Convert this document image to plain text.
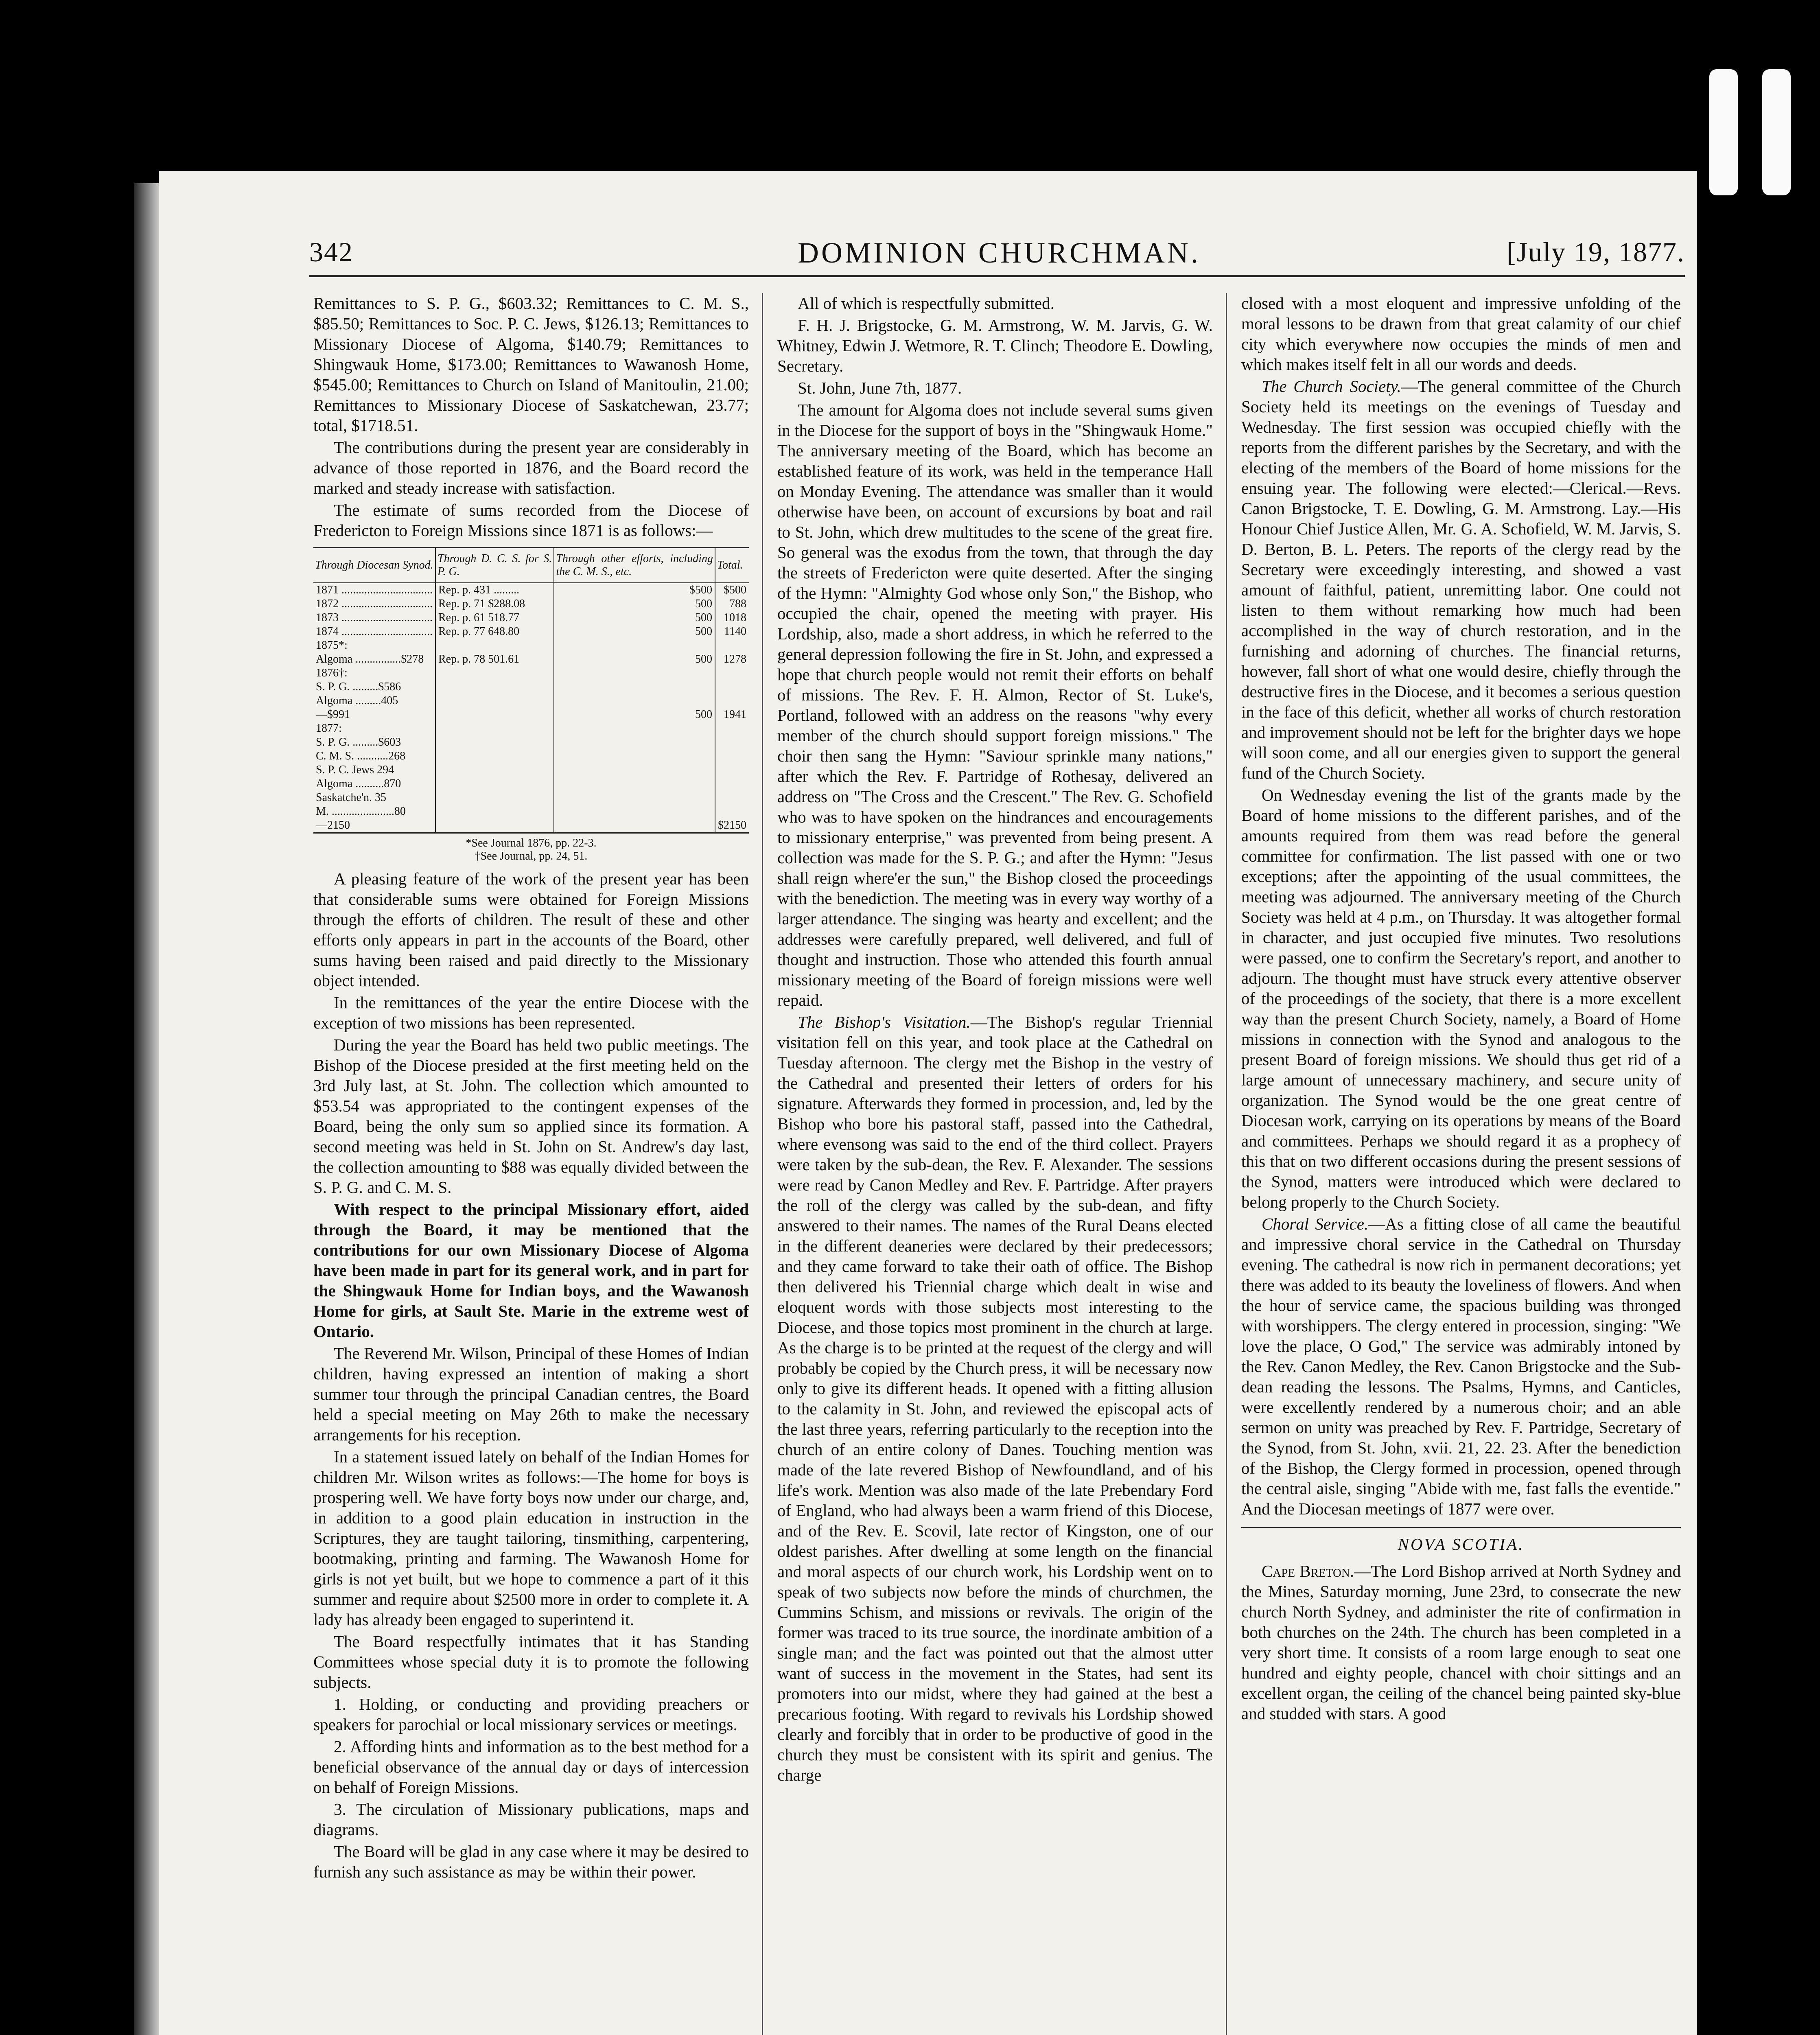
342	DOMINION CHURCHMAN.	[July 19, 1877.

Remittances to S. P. G., $603.32; Remittances to C. M. S., $85.50; Remittances to Soc. P. C. Jews, $126.13; Remittances to Missionary Diocese of Algoma, $140.79; Remittances to Shingwauk Home, $173.00; Remittances to Wawanosh Home, $545.00; Remittances to Church on Island of Manitoulin, 21.00; Remittances to Missionary Diocese of Saskatchewan, 23.77; total, $1718.51.

The contributions during the present year are considerably in advance of those reported in 1876, and the Board record the marked and steady increase with satisfaction.

The estimate of sums recorded from the Diocese of Fredericton to Foreign Missions since 1871 is as follows:—

Through Diocesan Synod.	Through D. C. S. for S. P. G.	Through other efforts, including the C. M. S., etc.	Total.
1871 ................................	Rep. p. 431 .........	$500	$500
1872 ................................	Rep. p. 71 $288.08	500	788
1873 ................................	Rep. p. 61 518.77	500	1018
1874 ................................	Rep. p. 77 648.80	500	1140
1875*:			
Algoma ................$278	Rep. p. 78 501.61	500	1278
1876†:			
S. P. G. .........$586			
Algoma .........405			
—$991		500	1941
1877:			
S. P. G. .........$603			
C. M. S. ...........268			
S. P. C. Jews 294			
Algoma ..........870			
Saskatche'n. 35			
M. ......................80			
—2150			$2150
*See Journal 1876, pp. 22-3.
†See Journal, pp. 24, 51.

A pleasing feature of the work of the present year has been that considerable sums were obtained for Foreign Missions through the efforts of children. The result of these and other efforts only appears in part in the accounts of the Board, other sums having been raised and paid directly to the Missionary object intended.

In the remittances of the year the entire Diocese with the exception of two missions has been represented.

During the year the Board has held two public meetings. The Bishop of the Diocese presided at the first meeting held on the 3rd July last, at St. John. The collection which amounted to $53.54 was appropriated to the contingent expenses of the Board, being the only sum so applied since its formation. A second meeting was held in St. John on St. Andrew's day last, the collection amounting to $88 was equally divided between the S. P. G. and C. M. S.

With respect to the principal Missionary effort, aided through the Board, it may be mentioned that the contributions for our own Missionary Diocese of Algoma have been made in part for its general work, and in part for the Shingwauk Home for Indian boys, and the Wawanosh Home for girls, at Sault Ste. Marie in the extreme west of Ontario.

The Reverend Mr. Wilson, Principal of these Homes of Indian children, having expressed an intention of making a short summer tour through the principal Canadian centres, the Board held a special meeting on May 26th to make the necessary arrangements for his reception.

In a statement issued lately on behalf of the Indian Homes for children Mr. Wilson writes as follows:—The home for boys is prospering well. We have forty boys now under our charge, and, in addition to a good plain education in instruction in the Scriptures, they are taught tailoring, tinsmithing, carpentering, bootmaking, printing and farming. The Wawanosh Home for girls is not yet built, but we hope to commence a part of it this summer and require about $2500 more in order to complete it. A lady has already been engaged to superintend it.

The Board respectfully intimates that it has Standing Committees whose special duty it is to promote the following subjects.

1. Holding, or conducting and providing preachers or speakers for parochial or local missionary services or meetings.

2. Affording hints and information as to the best method for a beneficial observance of the annual day or days of intercession on behalf of Foreign Missions.

3. The circulation of Missionary publications, maps and diagrams.

The Board will be glad in any case where it may be desired to furnish any such assistance as may be within their power.

All of which is respectfully submitted.

F. H. J. Brigstocke, G. M. Armstrong, W. M. Jarvis, G. W. Whitney, Edwin J. Wetmore, R. T. Clinch; Theodore E. Dowling, Secretary.

St. John, June 7th, 1877.

The amount for Algoma does not include several sums given in the Diocese for the support of boys in the "Shingwauk Home." The anniversary meeting of the Board, which has become an established feature of its work, was held in the temperance Hall on Monday Evening. The attendance was smaller than it would otherwise have been, on account of excursions by boat and rail to St. John, which drew multitudes to the scene of the great fire. So general was the exodus from the town, that through the day the streets of Fredericton were quite deserted. After the singing of the Hymn: "Almighty God whose only Son," the Bishop, who occupied the chair, opened the meeting with prayer. His Lordship, also, made a short address, in which he referred to the general depression following the fire in St. John, and expressed a hope that church people would not remit their efforts on behalf of missions. The Rev. F. H. Almon, Rector of St. Luke's, Portland, followed with an address on the reasons "why every member of the church should support foreign missions." The choir then sang the Hymn: "Saviour sprinkle many nations," after which the Rev. F. Partridge of Rothesay, delivered an address on "The Cross and the Crescent." The Rev. G. Schofield who was to have spoken on the hindrances and encouragements to missionary enterprise," was prevented from being present. A collection was made for the S. P. G.; and after the Hymn: "Jesus shall reign where'er the sun," the Bishop closed the proceedings with the benediction. The meeting was in every way worthy of a larger attendance. The singing was hearty and excellent; and the addresses were carefully prepared, well delivered, and full of thought and instruction. Those who attended this fourth annual missionary meeting of the Board of foreign missions were well repaid.

The Bishop's Visitation.—The Bishop's regular Triennial visitation fell on this year, and took place at the Cathedral on Tuesday afternoon. The clergy met the Bishop in the vestry of the Cathedral and presented their letters of orders for his signature. Afterwards they formed in procession, and, led by the Bishop who bore his pastoral staff, passed into the Cathedral, where evensong was said to the end of the third collect. Prayers were taken by the sub-dean, the Rev. F. Alexander. The sessions were read by Canon Medley and Rev. F. Partridge. After prayers the roll of the clergy was called by the sub-dean, and fifty answered to their names. The names of the Rural Deans elected in the different deaneries were declared by their predecessors; and they came forward to take their oath of office. The Bishop then delivered his Triennial charge which dealt in wise and eloquent words with those subjects most interesting to the Diocese, and those topics most prominent in the church at large. As the charge is to be printed at the request of the clergy and will probably be copied by the Church press, it will be necessary now only to give its different heads. It opened with a fitting allusion to the calamity in St. John, and reviewed the episcopal acts of the last three years, referring particularly to the reception into the church of an entire colony of Danes. Touching mention was made of the late revered Bishop of Newfoundland, and of his life's work. Mention was also made of the late Prebendary Ford of England, who had always been a warm friend of this Diocese, and of the Rev. E. Scovil, late rector of Kingston, one of our oldest parishes. After dwelling at some length on the financial and moral aspects of our church work, his Lordship went on to speak of two subjects now before the minds of churchmen, the Cummins Schism, and missions or revivals. The origin of the former was traced to its true source, the inordinate ambition of a single man; and the fact was pointed out that the almost utter want of success in the movement in the States, had sent its promoters into our midst, where they had gained at the best a precarious footing. With regard to revivals his Lordship showed clearly and forcibly that in order to be productive of good in the church they must be consistent with its spirit and genius. The charge

closed with a most eloquent and impressive unfolding of the moral lessons to be drawn from that great calamity of our chief city which everywhere now occupies the minds of men and which makes itself felt in all our words and deeds.

The Church Society.—The general committee of the Church Society held its meetings on the evenings of Tuesday and Wednesday. The first session was occupied chiefly with the reports from the different parishes by the Secretary, and with the electing of the members of the Board of home missions for the ensuing year. The following were elected:—Clerical.—Revs. Canon Brigstocke, T. E. Dowling, G. M. Armstrong. Lay.—His Honour Chief Justice Allen, Mr. G. A. Schofield, W. M. Jarvis, S. D. Berton, B. L. Peters. The reports of the clergy read by the Secretary were exceedingly interesting, and showed a vast amount of faithful, patient, unremitting labor. One could not listen to them without remarking how much had been accomplished in the way of church restoration, and in the furnishing and adorning of churches. The financial returns, however, fall short of what one would desire, chiefly through the destructive fires in the Diocese, and it becomes a serious question in the face of this deficit, whether all works of church restoration and improvement should not be left for the brighter days we hope will soon come, and all our energies given to support the general fund of the Church Society.

On Wednesday evening the list of the grants made by the Board of home missions to the different parishes, and of the amounts required from them was read before the general committee for confirmation. The list passed with one or two exceptions; after the appointing of the usual committees, the meeting was adjourned. The anniversary meeting of the Church Society was held at 4 p.m., on Thursday. It was altogether formal in character, and just occupied five minutes. Two resolutions were passed, one to confirm the Secretary's report, and another to adjourn. The thought must have struck every attentive observer of the proceedings of the society, that there is a more excellent way than the present Church Society, namely, a Board of Home missions in connection with the Synod and analogous to the present Board of foreign missions. We should thus get rid of a large amount of unnecessary machinery, and secure unity of organization. The Synod would be the one great centre of Diocesan work, carrying on its operations by means of the Board and committees. Perhaps we should regard it as a prophecy of this that on two different occasions during the present sessions of the Synod, matters were introduced which were declared to belong properly to the Church Society.

Choral Service.—As a fitting close of all came the beautiful and impressive choral service in the Cathedral on Thursday evening. The cathedral is now rich in permanent decorations; yet there was added to its beauty the loveliness of flowers. And when the hour of service came, the spacious building was thronged with worshippers. The clergy entered in procession, singing: "We love the place, O God," The service was admirably intoned by the Rev. Canon Medley, the Rev. Canon Brigstocke and the Sub-dean reading the lessons. The Psalms, Hymns, and Canticles, were excellently rendered by a numerous choir; and an able sermon on unity was preached by Rev. F. Partridge, Secretary of the Synod, from St. John, xvii. 21, 22. 23. After the benediction of the Bishop, the Clergy formed in procession, opened through the central aisle, singing "Abide with me, fast falls the eventide." And the Diocesan meetings of 1877 were over.

NOVA SCOTIA.

Cape Breton.—The Lord Bishop arrived at North Sydney and the Mines, Saturday morning, June 23rd, to consecrate the new church North Sydney, and administer the rite of confirmation in both churches on the 24th. The church has been completed in a very short time. It consists of a room large enough to seat one hundred and eighty people, chancel with choir sittings and an excellent organ, the ceiling of the chancel being painted sky-blue and studded with stars. A good
